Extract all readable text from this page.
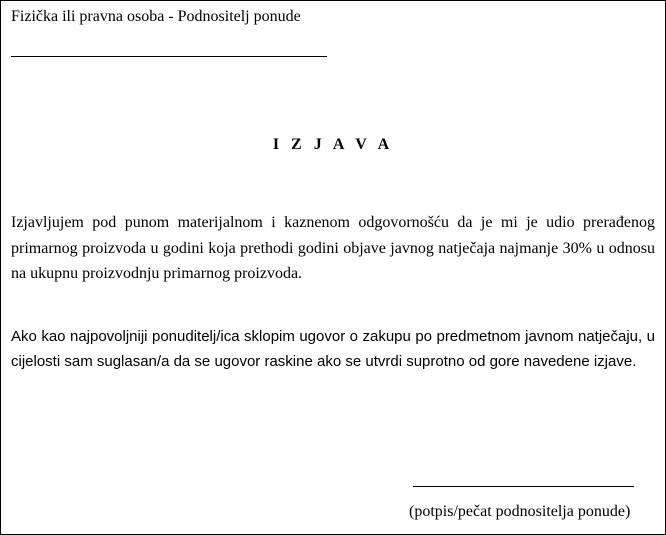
Fizička ili pravna osoba - Podnositelj ponude
I Z J A V A
Izjavljujem pod punom materijalnom i kaznenom odgovornošću da je mi je udio prerađenog primarnog proizvoda u godini koja prethodi godini objave javnog natječaja najmanje 30% u odnosu na ukupnu proizvodnju primarnog proizvoda.
Ako kao najpovoljniji ponuditelj/ica sklopim ugovor o zakupu po predmetnom javnom natječaju, u cijelosti sam suglasan/a da se ugovor raskine ako se utvrdi suprotno od gore navedene izjave.
(potpis/pečat podnositelja ponude)
